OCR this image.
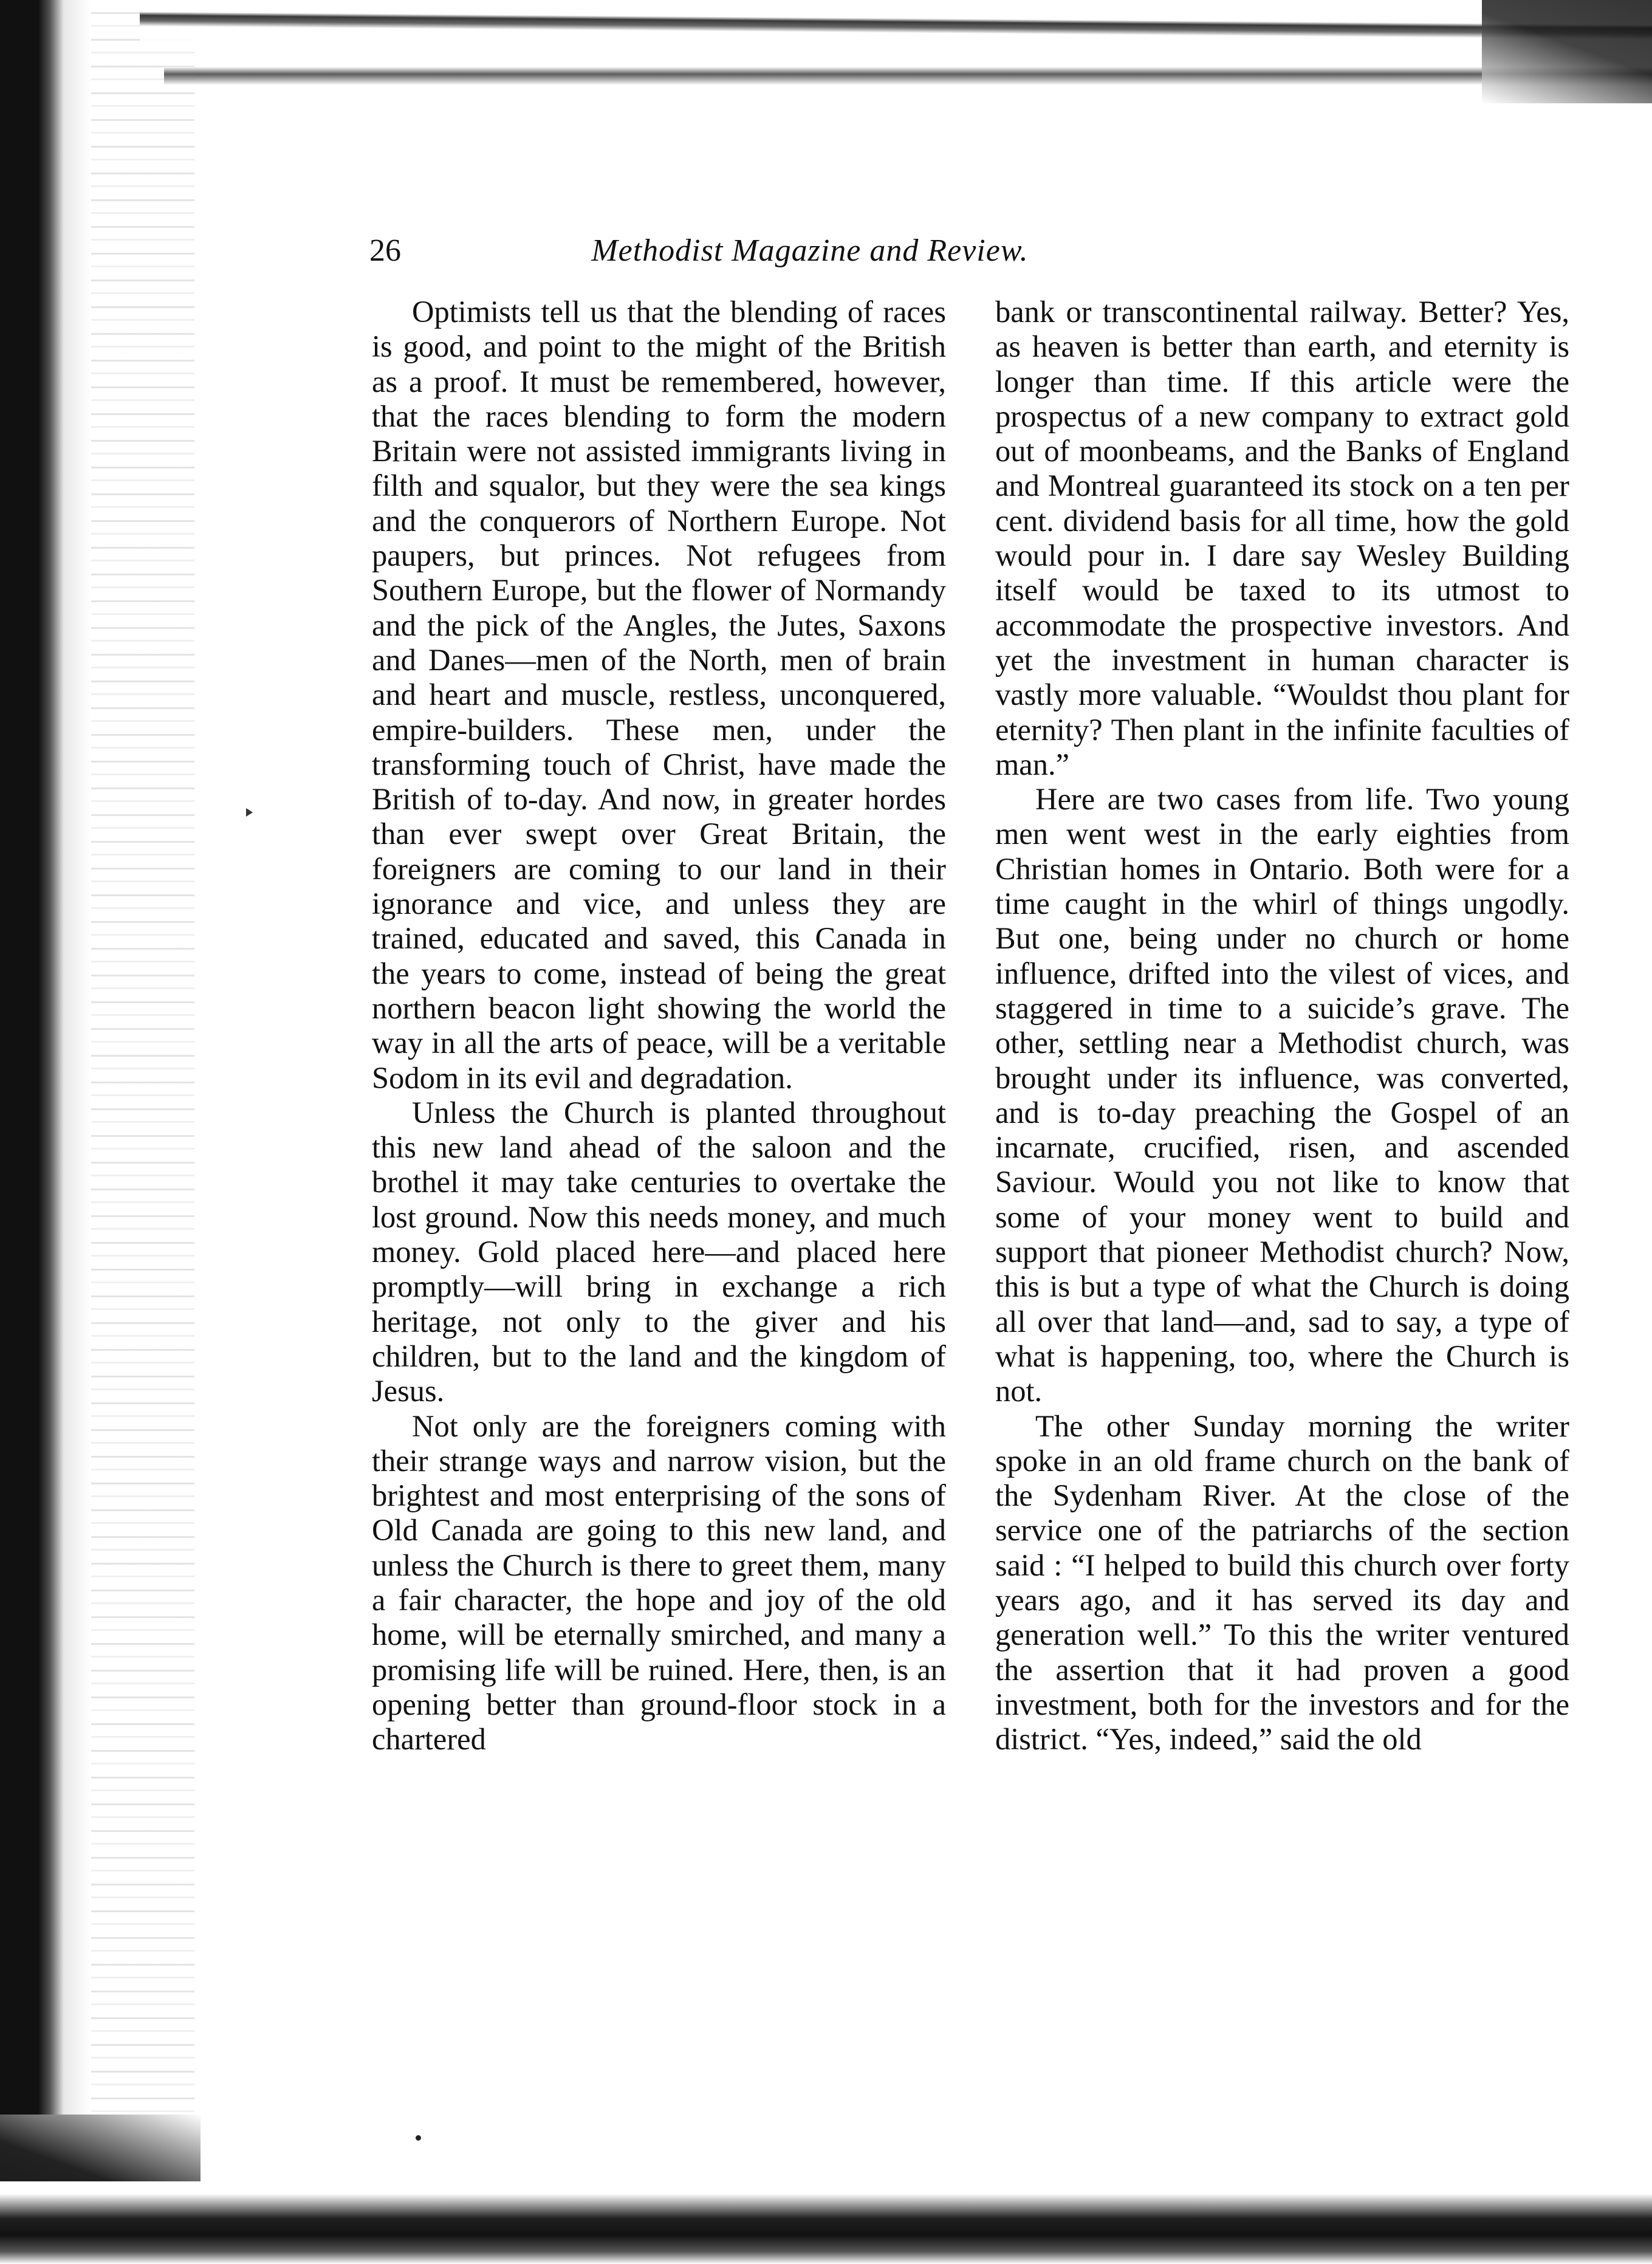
26	Methodist Magazine and Review.

Optimists tell us that the blending of races is good, and point to the might of the British as a proof. It must be remembered, however, that the races blending to form the modern Britain were not assisted immigrants living in filth and squalor, but they were the sea kings and the conquerors of Northern Europe. Not paupers, but princes. Not refugees from Southern Europe, but the flower of Normandy and the pick of the Angles, the Jutes, Saxons and Danes—men of the North, men of brain and heart and muscle, restless, unconquered, empire-builders. These men, under the transforming touch of Christ, have made the British of to-day. And now, in greater hordes than ever swept over Great Britain, the foreigners are coming to our land in their ignorance and vice, and unless they are trained, educated and saved, this Canada in the years to come, instead of being the great northern beacon light showing the world the way in all the arts of peace, will be a veritable Sodom in its evil and degradation.

Unless the Church is planted throughout this new land ahead of the saloon and the brothel it may take centuries to overtake the lost ground. Now this needs money, and much money. Gold placed here—and placed here promptly—will bring in exchange a rich heritage, not only to the giver and his children, but to the land and the kingdom of Jesus.

Not only are the foreigners coming with their strange ways and narrow vision, but the brightest and most enterprising of the sons of Old Canada are going to this new land, and unless the Church is there to greet them, many a fair character, the hope and joy of the old home, will be eternally smirched, and many a promising life will be ruined. Here, then, is an opening better than ground-floor stock in a chartered

bank or transcontinental railway. Better? Yes, as heaven is better than earth, and eternity is longer than time. If this article were the prospectus of a new company to extract gold out of moonbeams, and the Banks of England and Montreal guaranteed its stock on a ten per cent. dividend basis for all time, how the gold would pour in. I dare say Wesley Building itself would be taxed to its utmost to accommodate the prospective investors. And yet the investment in human character is vastly more valuable. “Wouldst thou plant for eternity? Then plant in the infinite faculties of man.”

Here are two cases from life. Two young men went west in the early eighties from Christian homes in Ontario. Both were for a time caught in the whirl of things ungodly. But one, being under no church or home influence, drifted into the vilest of vices, and staggered in time to a suicide’s grave. The other, settling near a Methodist church, was brought under its influence, was converted, and is to-day preaching the Gospel of an incarnate, crucified, risen, and ascended Saviour. Would you not like to know that some of your money went to build and support that pioneer Methodist church? Now, this is but a type of what the Church is doing all over that land—and, sad to say, a type of what is happening, too, where the Church is not.

The other Sunday morning the writer spoke in an old frame church on the bank of the Sydenham River. At the close of the service one of the patriarchs of the section said : “I helped to build this church over forty years ago, and it has served its day and generation well.” To this the writer ventured the assertion that it had proven a good investment, both for the investors and for the district. “Yes, indeed,” said the old
